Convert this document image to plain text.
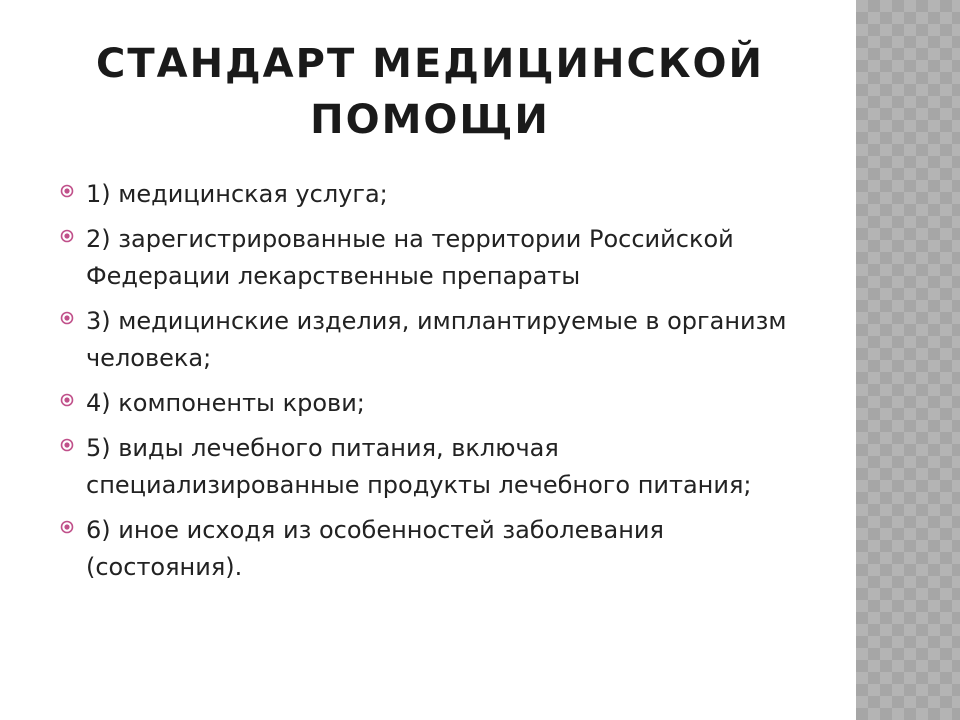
СТАНДАРТ МЕДИЦИНСКОЙ
ПОМОЩИ
1) медицинская услуга;
2) зарегистрированные на территории Российской Федерации лекарственные препараты
3) медицинские изделия, имплантируемые в организм человека;
4) компоненты крови;
5) виды лечебного питания, включая специализированные продукты лечебного питания;
6) иное исходя из особенностей заболевания (состояния).
